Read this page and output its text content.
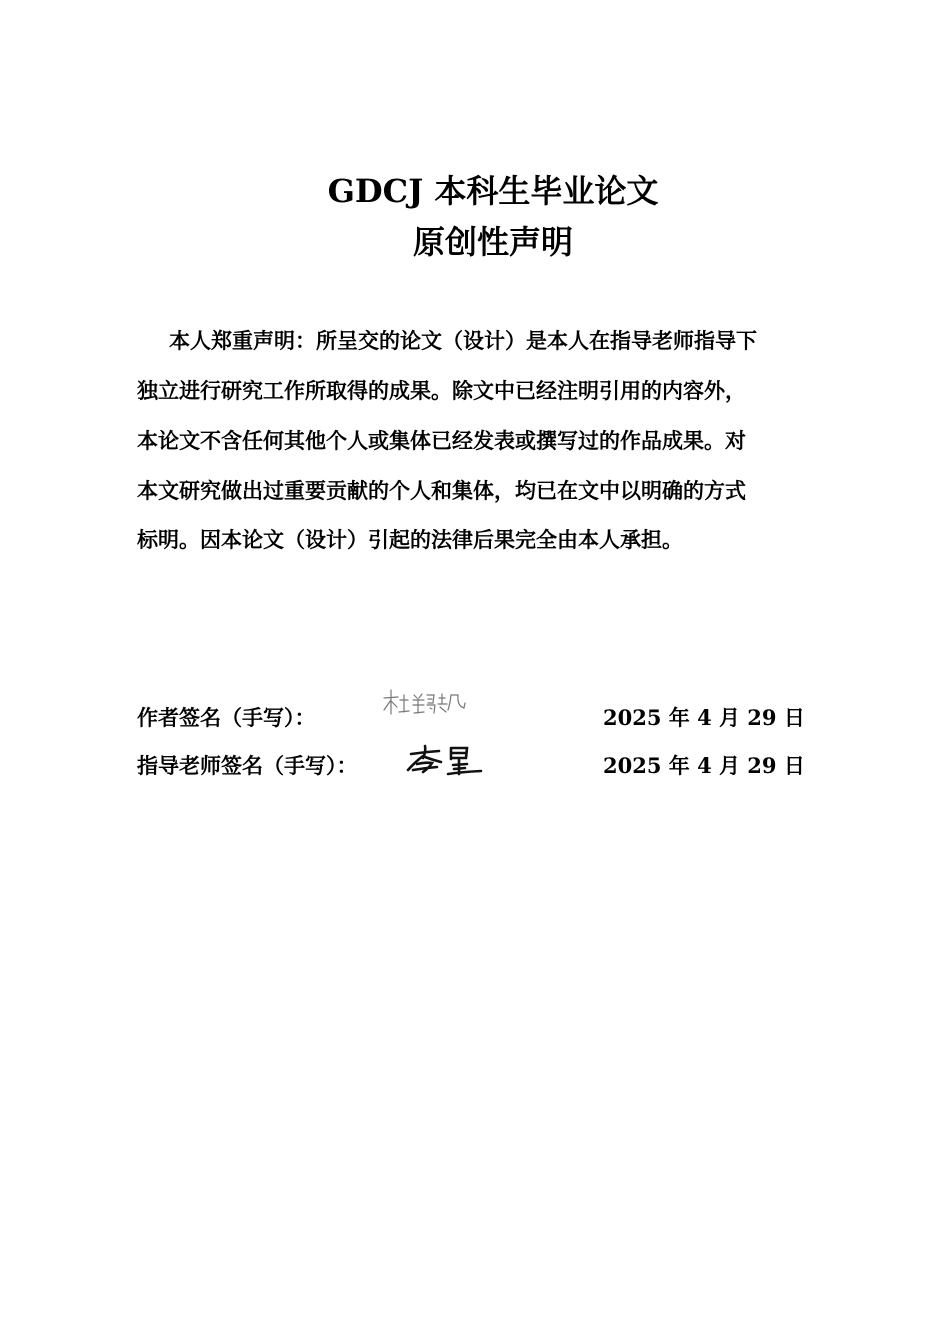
GDCJ 本科生毕业论文
原创性声明
本人郑重声明：所呈交的论文（设计）是本人在指导老师指导下
独立进行研究工作所取得的成果。除文中已经注明引用的内容外，
本论文不含任何其他个人或集体已经发表或撰写过的作品成果。对
本文研究做出过重要贡献的个人和集体，均已在文中以明确的方式
标明。因本论文（设计）引起的法律后果完全由本人承担。
作者签名（手写）：	2025 年 4 月 29 日
指导老师签名（手写）：	2025 年 4 月 29 日
